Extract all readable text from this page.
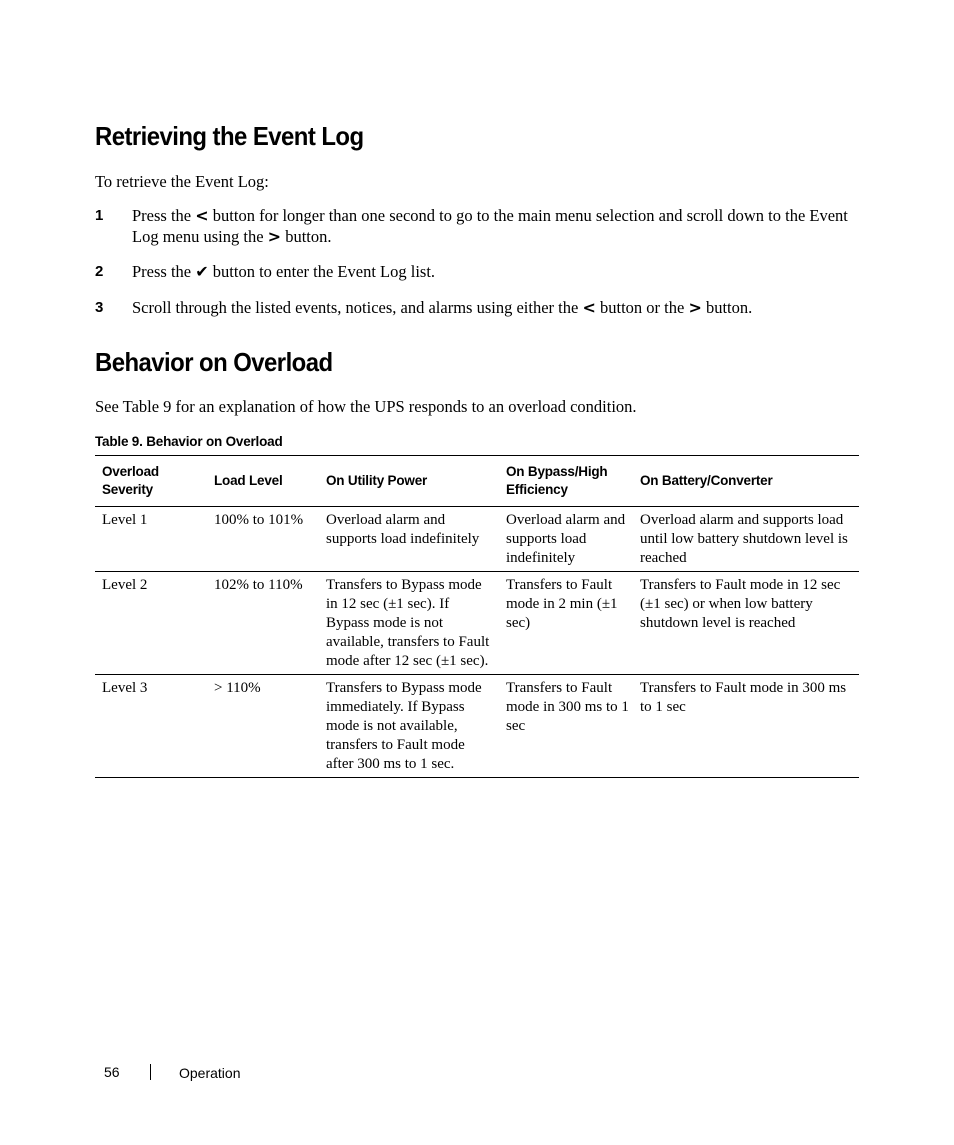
Retrieving the Event Log

To retrieve the Event Log:

1 Press the < button for longer than one second to go to the main menu selection and scroll down to the Event Log menu using the > button.
2 Press the ✔ button to enter the Event Log list.
3 Scroll through the listed events, notices, and alarms using either the < button or the > button.
Behavior on Overload

See Table 9 for an explanation of how the UPS responds to an overload condition.

Table 9. Behavior on Overload
Overload Severity	Load Level	On Utility Power	On Bypass/High Efficiency	On Battery/Converter
Level 1	100% to 101%	Overload alarm and supports load indefinitely	Overload alarm and supports load indefinitely	Overload alarm and supports load until low battery shutdown level is reached
Level 2	102% to 110%	Transfers to Bypass mode in 12 sec (±1 sec). If Bypass mode is not available, transfers to Fault mode after 12 sec (±1 sec).	Transfers to Fault mode in 2 min (±1 sec)	Transfers to Fault mode in 12 sec (±1 sec) or when low battery shutdown level is reached
Level 3	> 110%	Transfers to Bypass mode immediately. If Bypass mode is not available, transfers to Fault mode after 300 ms to 1 sec.	Transfers to Fault mode in 300 ms to 1 sec	Transfers to Fault mode in 300 ms to 1 sec
56	Operation
